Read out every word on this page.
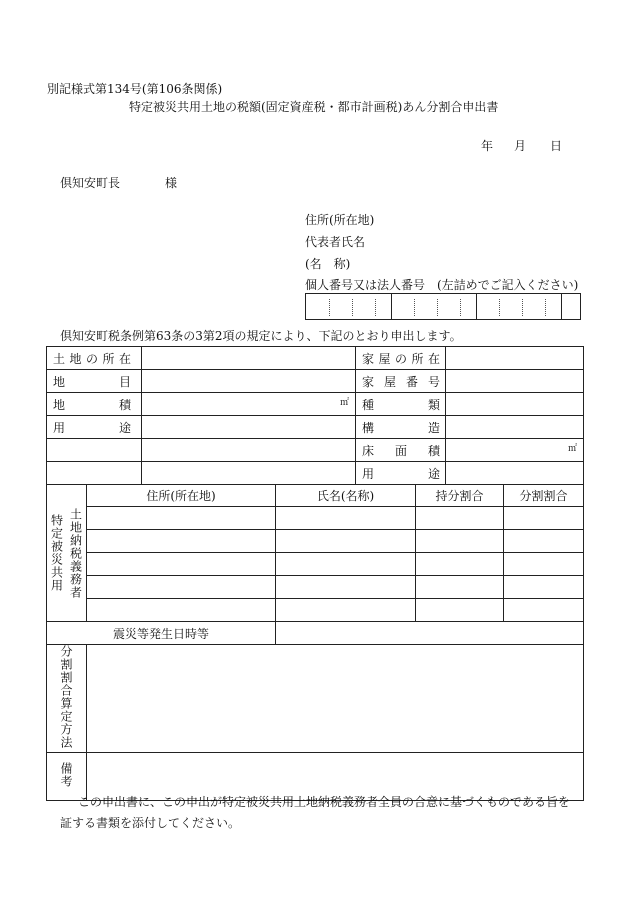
別記様式第134号(第106条関係)
特定被災共用土地の税額(固定資産税・都市計画税)あん分割合申出書
年 月 日
倶知安町長	様
住所(所在地)
代表者氏名
(名　称)
個人番号又は法人番号　(左詰めでご記入ください)
倶知安町税条例第63条の3第2項の規定により、下記のとおり申出します。
土 地 の 所 在				家 屋 の 所 在			

地 目				家 屋 番 号			

地 積		㎡		種 類			

用 途				構 造			

				床 面 積		㎡	

				用 途			

特定被災共用 土地納税義務者	住所(所在地)		氏名(名称)		持分割合		分割割合

震災等発生日時等							
分割割合算定方法							
備考							
この申出書に、この申出が特定被災共用土地納税義務者全員の合意に基づくものである旨を証する書類を添付してください。
